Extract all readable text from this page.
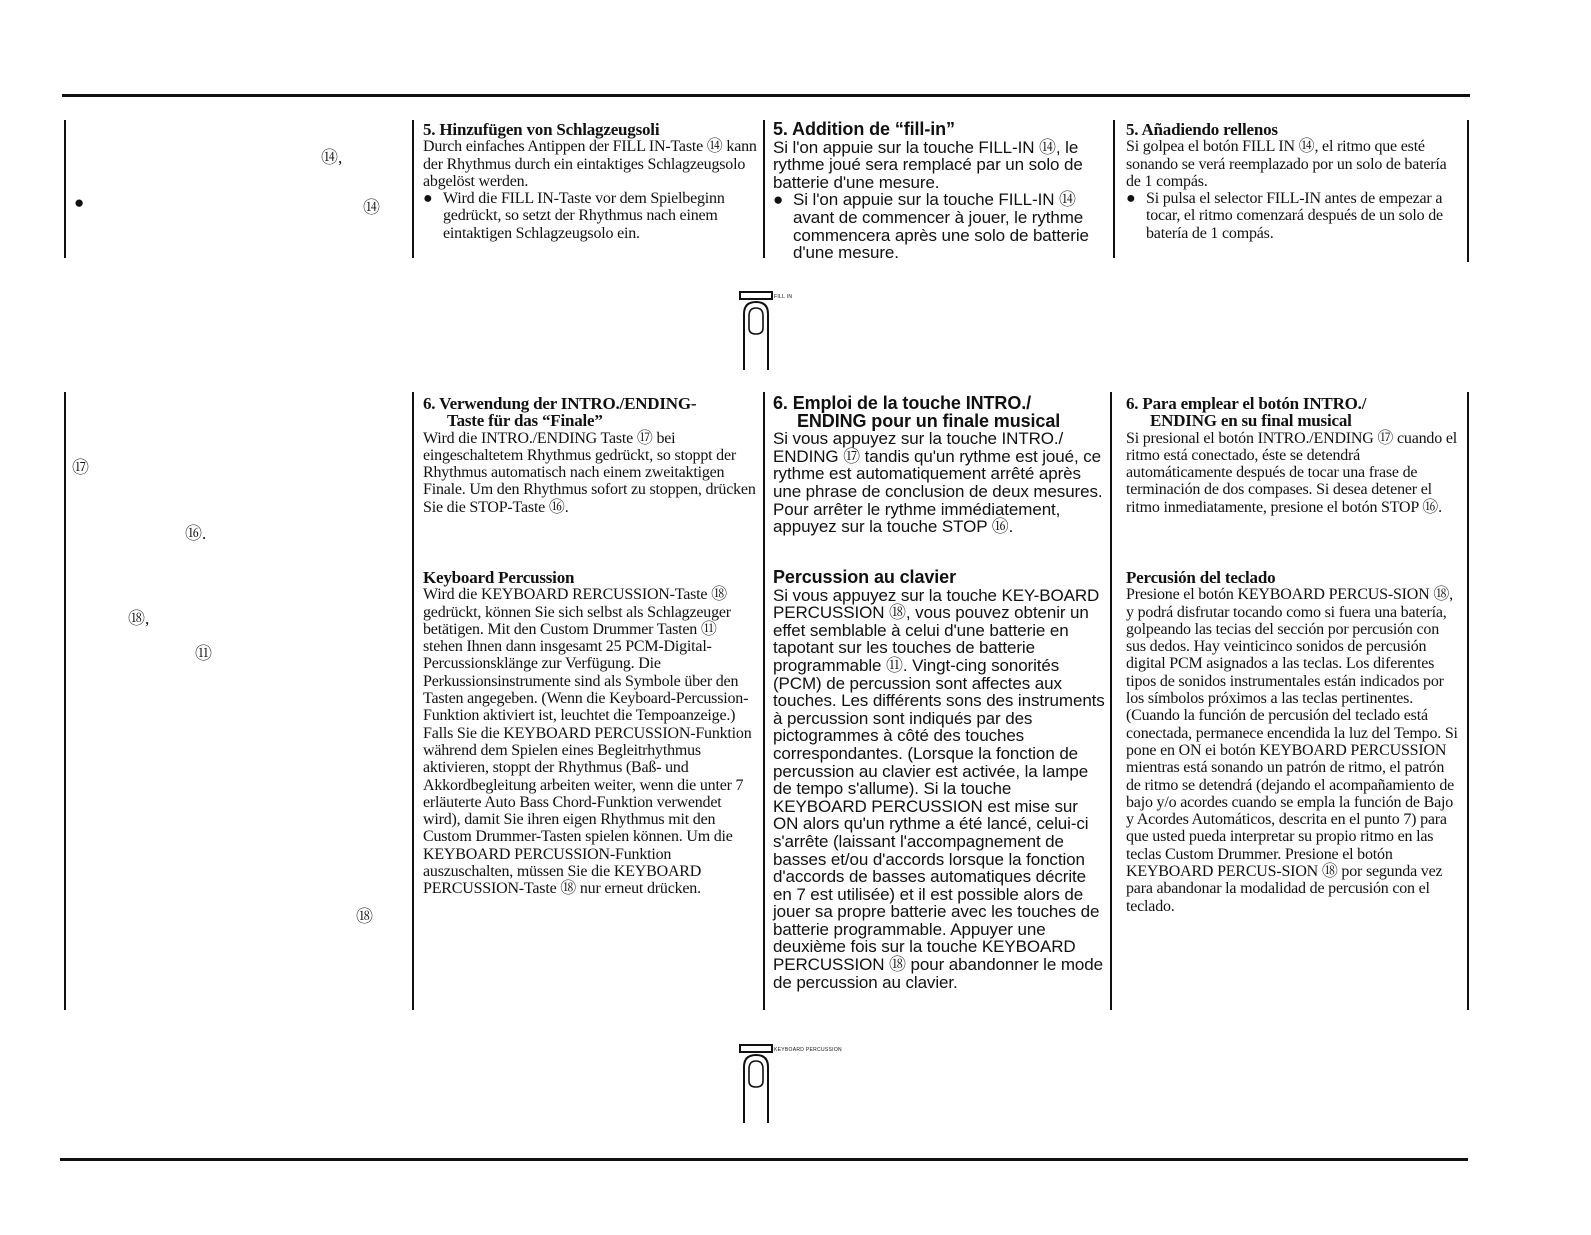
⑭,
●	⑭
⑰
⑯.
⑱,
⑪
⑱

5. Hinzufügen von Schlagzeugsoli

Durch einfaches Antippen der FILL IN-Taste ⑭ kann der Rhythmus durch ein eintaktiges Schlagzeugsolo abgelöst werden.

● Wird die FILL IN-Taste vor dem Spielbeginn gedrückt, so setzt der Rhythmus nach einem eintaktigen Schlagzeugsolo ein.

6. Verwendung der INTRO./ENDING-

Taste für das “Finale”

Wird die INTRO./ENDING Taste ⑰ bei eingeschaltetem Rhythmus gedrückt, so stoppt der Rhythmus automatisch nach einem zweitaktigen Finale. Um den Rhythmus sofort zu stoppen, drücken Sie die STOP-Taste ⑯.

Keyboard Percussion

Wird die KEYBOARD RERCUSSION-Taste ⑱ gedrückt, können Sie sich selbst als Schlagzeuger betätigen. Mit den Custom Drummer Tasten ⑪ stehen Ihnen dann insgesamt 25 PCM-Digital-Percussionsklänge zur Verfügung. Die Perkussionsinstrumente sind als Symbole über den Tasten angegeben. (Wenn die Keyboard-Percussion-Funktion aktiviert ist, leuchtet die Tempoanzeige.) Falls Sie die KEYBOARD PERCUSSION-Funktion während dem Spielen eines Begleitrhythmus aktivieren, stoppt der Rhythmus (Baß- und Akkordbegleitung arbeiten weiter, wenn die unter 7 erläuterte Auto Bass Chord-Funktion verwendet wird), damit Sie ihren eigen Rhythmus mit den Custom Drummer-Tasten spielen können. Um die KEYBOARD PERCUSSION-Funktion auszuschalten, müssen Sie die KEYBOARD PERCUSSION-Taste ⑱ nur erneut drücken.

5. Addition de “fill-in”

Si l'on appuie sur la touche FILL-IN ⑭, le rythme joué sera remplacé par un solo de batterie d'une mesure.

● Si l'on appuie sur la touche FILL-IN ⑭ avant de commencer à jouer, le rythme commencera après une solo de batterie d'une mesure.

6. Emploi de la touche INTRO./

ENDING pour un finale musical

Si vous appuyez sur la touche INTRO./ ENDING ⑰ tandis qu'un rythme est joué, ce rythme est automatiquement arrêté après une phrase de conclusion de deux mesures. Pour arrêter le rythme immédiatement, appuyez sur la touche STOP ⑯.

Percussion au clavier

Si vous appuyez sur la touche KEY-BOARD PERCUSSION ⑱, vous pouvez obtenir un effet semblable à celui d'une batterie en tapotant sur les touches de batterie programmable ⑪. Vingt-cing sonorités (PCM) de percussion sont affectes aux touches. Les différents sons des instruments à percussion sont indiqués par des pictogrammes à côté des touches correspondantes. (Lorsque la fonction de percussion au clavier est activée, la lampe de tempo s'allume). Si la touche KEYBOARD PERCUSSION est mise sur ON alors qu'un rythme a été lancé, celui-ci s'arrête (laissant l'accompagnement de basses et/ou d'accords lorsque la fonction d'accords de basses automatiques décrite en 7 est utilisée) et il est possible alors de jouer sa propre batterie avec les touches de batterie programmable. Appuyer une deuxième fois sur la touche KEYBOARD PERCUSSION ⑱ pour abandonner le mode de percussion au clavier.

5. Añadiendo rellenos

Si golpea el botón FILL IN ⑭, el ritmo que esté sonando se verá reemplazado por un solo de batería de 1 compás.

● Si pulsa el selector FILL-IN antes de empezar a tocar, el ritmo comenzará después de un solo de batería de 1 compás.

6. Para emplear el botón INTRO./

ENDING en su final musical

Si presional el botón INTRO./ENDING ⑰ cuando el ritmo está conectado, éste se detendrá automáticamente después de tocar una frase de terminación de dos compases. Si desea detener el ritmo inmediatamente, presione el botón STOP ⑯.

Percusión del teclado

Presione el botón KEYBOARD PERCUS-SION ⑱, y podrá disfrutar tocando como si fuera una batería, golpeando las tecias del sección por percusión con sus dedos. Hay veinticinco sonidos de percusión digital PCM asignados a las teclas. Los diferentes tipos de sonidos instrumentales están indicados por los símbolos próximos a las teclas pertinentes. (Cuando la función de percusión del teclado está conectada, permanece encendida la luz del Tempo. Si pone en ON ei botón KEYBOARD PERCUSSION mientras está sonando un patrón de ritmo, el patrón de ritmo se detendrá (dejando el acompañamiento de bajo y/o acordes cuando se empla la función de Bajo y Acordes Automáticos, descrita en el punto 7) para que usted pueda interpretar su propio ritmo en las teclas Custom Drummer. Presione el botón KEYBOARD PERCUS-SION ⑱ por segunda vez para abandonar la modalidad de percusión con el teclado.

FILL IN
KEYBOARD PERCUSSION
